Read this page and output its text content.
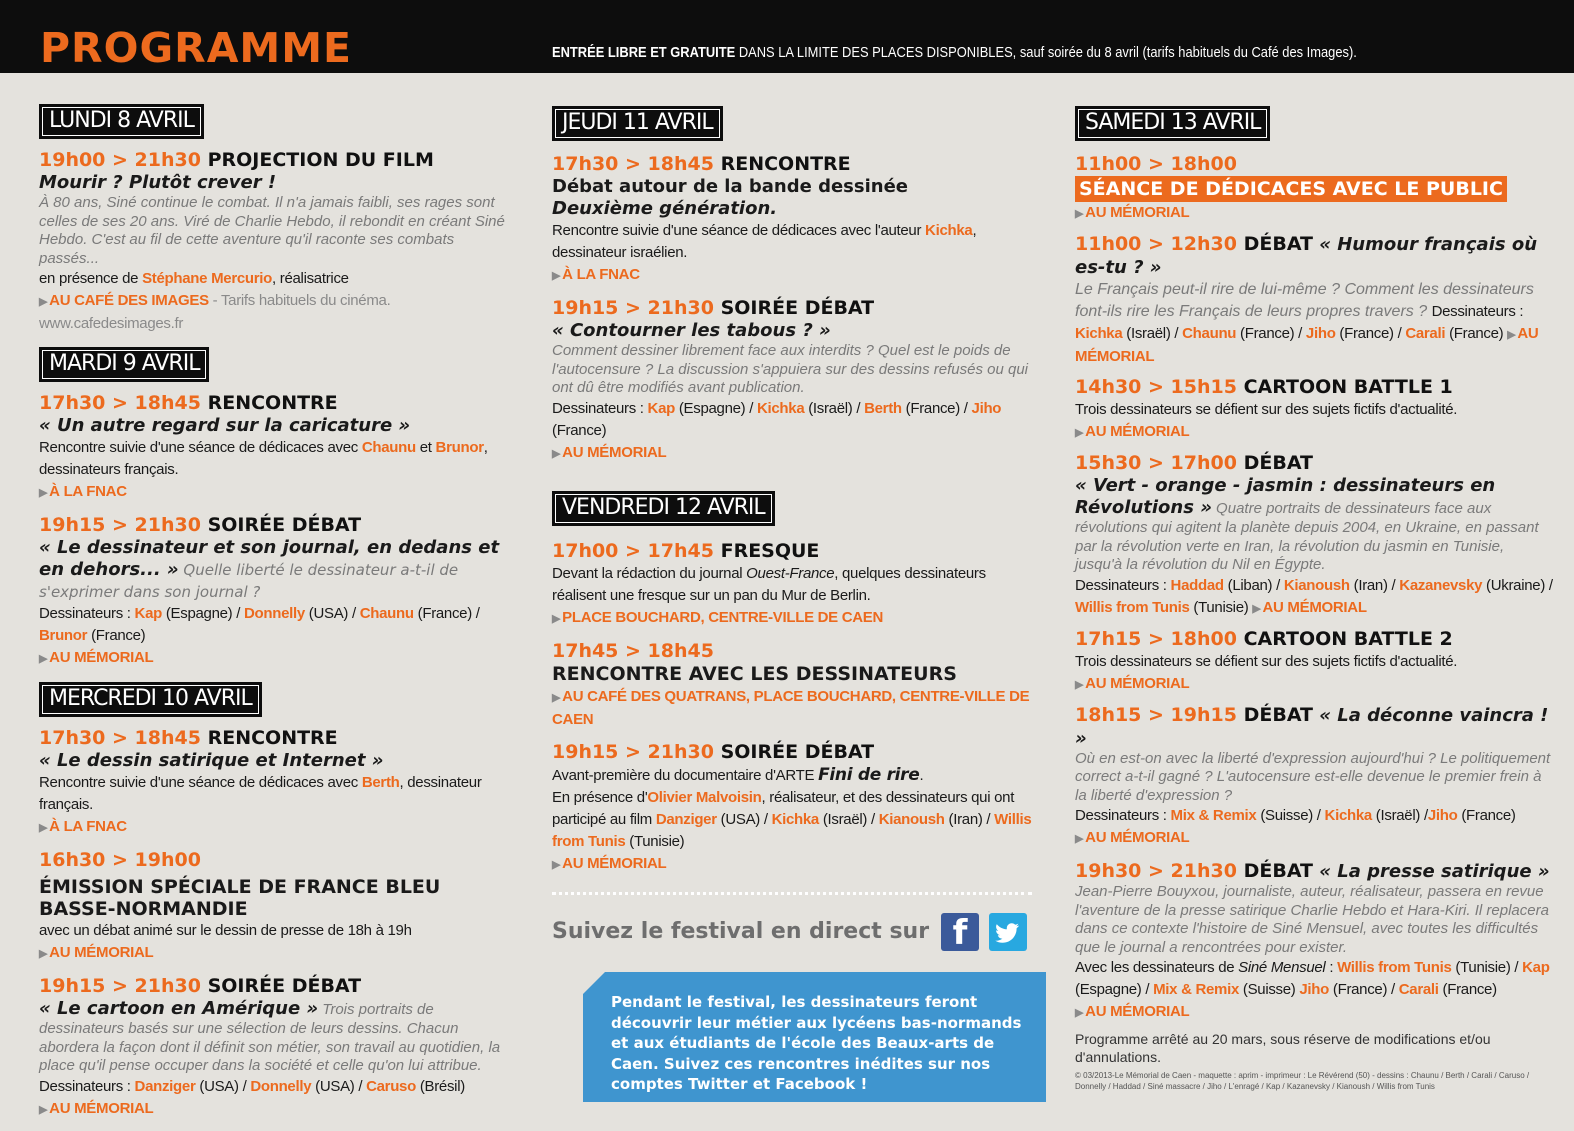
PROGRAMME	ENTRÉE LIBRE ET GRATUITE DANS LA LIMITE DES PLACES DISPONIBLES, sauf soirée du 8 avril (tarifs habituels du Café des Images).
LUNDI 8 AVRIL
19h00 > 21h30 PROJECTION DU FILM
Mourir ? Plutôt crever !
À 80 ans, Siné continue le combat. Il n'a jamais faibli, ses rages sont celles de ses 20 ans. Viré de Charlie Hebdo, il rebondit en créant Siné Hebdo. C'est au fil de cette aventure qu'il raconte ses combats passés...
en présence de Stéphane Mercurio, réalisatrice
▶ AU CAFÉ DES IMAGES - Tarifs habituels du cinéma. www.cafedesimages.fr
MARDI 9 AVRIL
17h30 > 18h45 RENCONTRE
« Un autre regard sur la caricature »
Rencontre suivie d'une séance de dédicaces avec Chaunu et Brunor, dessinateurs français.
▶ À LA FNAC
19h15 > 21h30 SOIRÉE DÉBAT
« Le dessinateur et son journal, en dedans et en dehors... » Quelle liberté le dessinateur a-t-il de s'exprimer dans son journal ?
Dessinateurs : Kap (Espagne) / Donnelly (USA) / Chaunu (France) / Brunor (France)
▶ AU MÉMORIAL
MERCREDI 10 AVRIL
17h30 > 18h45 RENCONTRE
« Le dessin satirique et Internet »
Rencontre suivie d'une séance de dédicaces avec Berth, dessinateur français.
▶ À LA FNAC
16h30 > 19h00
ÉMISSION SPÉCIALE DE FRANCE BLEU BASSE-NORMANDIE
avec un débat animé sur le dessin de presse de 18h à 19h
▶ AU MÉMORIAL
19h15 > 21h30 SOIRÉE DÉBAT
« Le cartoon en Amérique » Trois portraits de dessinateurs basés sur une sélection de leurs dessins. Chacun abordera la façon dont il définit son métier, son travail au quotidien, la place qu'il pense occuper dans la société et celle qu'on lui attribue.
Dessinateurs : Danziger (USA) / Donnelly (USA) / Caruso (Brésil)
▶ AU MÉMORIAL
JEUDI 11 AVRIL
17h30 > 18h45 RENCONTRE
Débat autour de la bande dessinée
Deuxième génération.
Rencontre suivie d'une séance de dédicaces avec l'auteur Kichka, dessinateur israélien.
▶ À LA FNAC
19h15 > 21h30 SOIRÉE DÉBAT
« Contourner les tabous ? »
Comment dessiner librement face aux interdits ? Quel est le poids de l'autocensure ? La discussion s'appuiera sur des dessins refusés ou qui ont dû être modifiés avant publication.
Dessinateurs : Kap (Espagne) / Kichka (Israël) / Berth (France) / Jiho (France)
▶ AU MÉMORIAL
VENDREDI 12 AVRIL
17h00 > 17h45 FRESQUE
Devant la rédaction du journal Ouest-France, quelques dessinateurs réalisent une fresque sur un pan du Mur de Berlin.
▶ PLACE BOUCHARD, CENTRE-VILLE DE CAEN
17h45 > 18h45
RENCONTRE AVEC LES DESSINATEURS
▶ AU CAFÉ DES QUATRANS, PLACE BOUCHARD, CENTRE-VILLE DE CAEN
19h15 > 21h30 SOIRÉE DÉBAT
Avant-première du documentaire d'ARTE Fini de rire.
En présence d'Olivier Malvoisin, réalisateur, et des dessinateurs qui ont participé au film Danziger (USA) / Kichka (Israël) / Kianoush (Iran) / Willis from Tunis (Tunisie)
▶ AU MÉMORIAL
Suivez le festival en direct sur f
Pendant le festival, les dessinateurs feront découvrir leur métier aux lycéens bas-normands et aux étudiants de l'école des Beaux-arts de Caen. Suivez ces rencontres inédites sur nos comptes Twitter et Facebook !
SAMEDI 13 AVRIL
11h00 > 18h00
SÉANCE DE DÉDICACES AVEC LE PUBLIC
▶ AU MÉMORIAL
11h00 > 12h30 DÉBAT « Humour français où es-tu ? »
Le Français peut-il rire de lui-même ? Comment les dessinateurs font-ils rire les Français de leurs propres travers ? Dessinateurs : Kichka (Israël) / Chaunu (France) / Jiho (France) / Carali (France) ▶ AU MÉMORIAL
14h30 > 15h15 CARTOON BATTLE 1
Trois dessinateurs se défient sur des sujets fictifs d'actualité.
▶ AU MÉMORIAL
15h30 > 17h00 DÉBAT
« Vert - orange - jasmin : dessinateurs en Révolutions » Quatre portraits de dessinateurs face aux révolutions qui agitent la planète depuis 2004, en Ukraine, en passant par la révolution verte en Iran, la révolution du jasmin en Tunisie, jusqu'à la révolution du Nil en Égypte.
Dessinateurs : Haddad (Liban) / Kianoush (Iran) / Kazanevsky (Ukraine) / Willis from Tunis (Tunisie) ▶ AU MÉMORIAL
17h15 > 18h00 CARTOON BATTLE 2
Trois dessinateurs se défient sur des sujets fictifs d'actualité.
▶ AU MÉMORIAL
18h15 > 19h15 DÉBAT « La déconne vaincra ! »
Où en est-on avec la liberté d'expression aujourd'hui ? Le politiquement correct a-t-il gagné ? L'autocensure est-elle devenue le premier frein à la liberté d'expression ?
Dessinateurs : Mix & Remix (Suisse) / Kichka (Israël) /Jiho (France)
▶ AU MÉMORIAL
19h30 > 21h30 DÉBAT « La presse satirique »
Jean-Pierre Bouyxou, journaliste, auteur, réalisateur, passera en revue l'aventure de la presse satirique Charlie Hebdo et Hara-Kiri. Il replacera dans ce contexte l'histoire de Siné Mensuel, avec toutes les difficultés que le journal a rencontrées pour exister.
Avec les dessinateurs de Siné Mensuel : Willis from Tunis (Tunisie) / Kap (Espagne) / Mix & Remix (Suisse) Jiho (France) / Carali (France)
▶ AU MÉMORIAL
Programme arrêté au 20 mars, sous réserve de modifications et/ou d'annulations.
© 03/2013-Le Mémorial de Caen - maquette : aprim - imprimeur : Le Révérend (50) - dessins : Chaunu / Berth / Carali / Caruso / Donnelly / Haddad / Siné massacre / Jiho / L'enragé / Kap / Kazanevsky / Kianoush / Willis from Tunis
